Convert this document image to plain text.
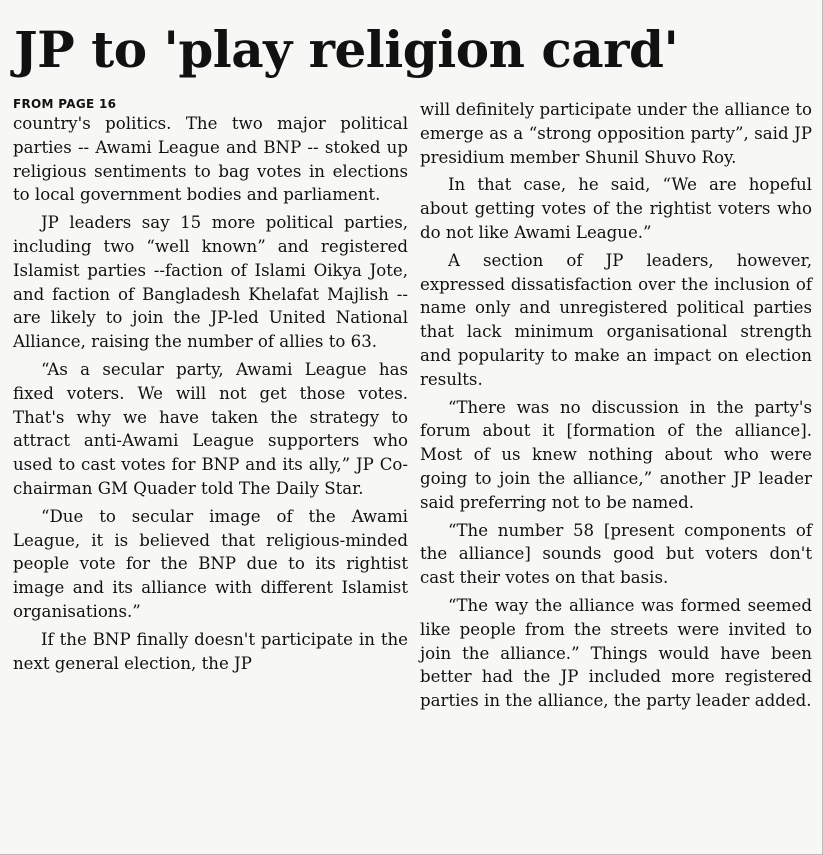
JP to 'play religion card'

FROM PAGE 16

country's politics. The two major political parties -- Awami League and BNP -- stoked up religious sentiments to bag votes in elections to local government bodies and parliament.

JP leaders say 15 more political parties, including two “well known” and registered Islamist parties --faction of Islami Oikya Jote, and faction of Bangladesh Khelafat Majlish -- are likely to join the JP-led United National Alliance, raising the number of allies to 63.

“As a secular party, Awami League has fixed voters. We will not get those votes. That's why we have taken the strategy to attract anti-Awami League supporters who used to cast votes for BNP and its ally,” JP Co-chairman GM Quader told The Daily Star.

“Due to secular image of the Awami League, it is believed that religious-minded people vote for the BNP due to its rightist image and its alliance with different Islamist organisations.”

If the BNP finally doesn't participate in the next general election, the JP

will definitely participate under the alliance to emerge as a “strong opposition party”, said JP presidium member Shunil Shuvo Roy.

In that case, he said, “We are hopeful about getting votes of the rightist voters who do not like Awami League.”

A section of JP leaders, however, expressed dissatisfaction over the inclusion of name only and unregistered political parties that lack minimum organisational strength and popularity to make an impact on election results.

“There was no discussion in the party's forum about it [formation of the alliance]. Most of us knew nothing about who were going to join the alliance,” another JP leader said preferring not to be named.

“The number 58 [present components of the alliance] sounds good but voters don't cast their votes on that basis.

“The way the alliance was formed seemed like people from the streets were invited to join the alliance.” Things would have been better had the JP included more registered parties in the alliance, the party leader added.
